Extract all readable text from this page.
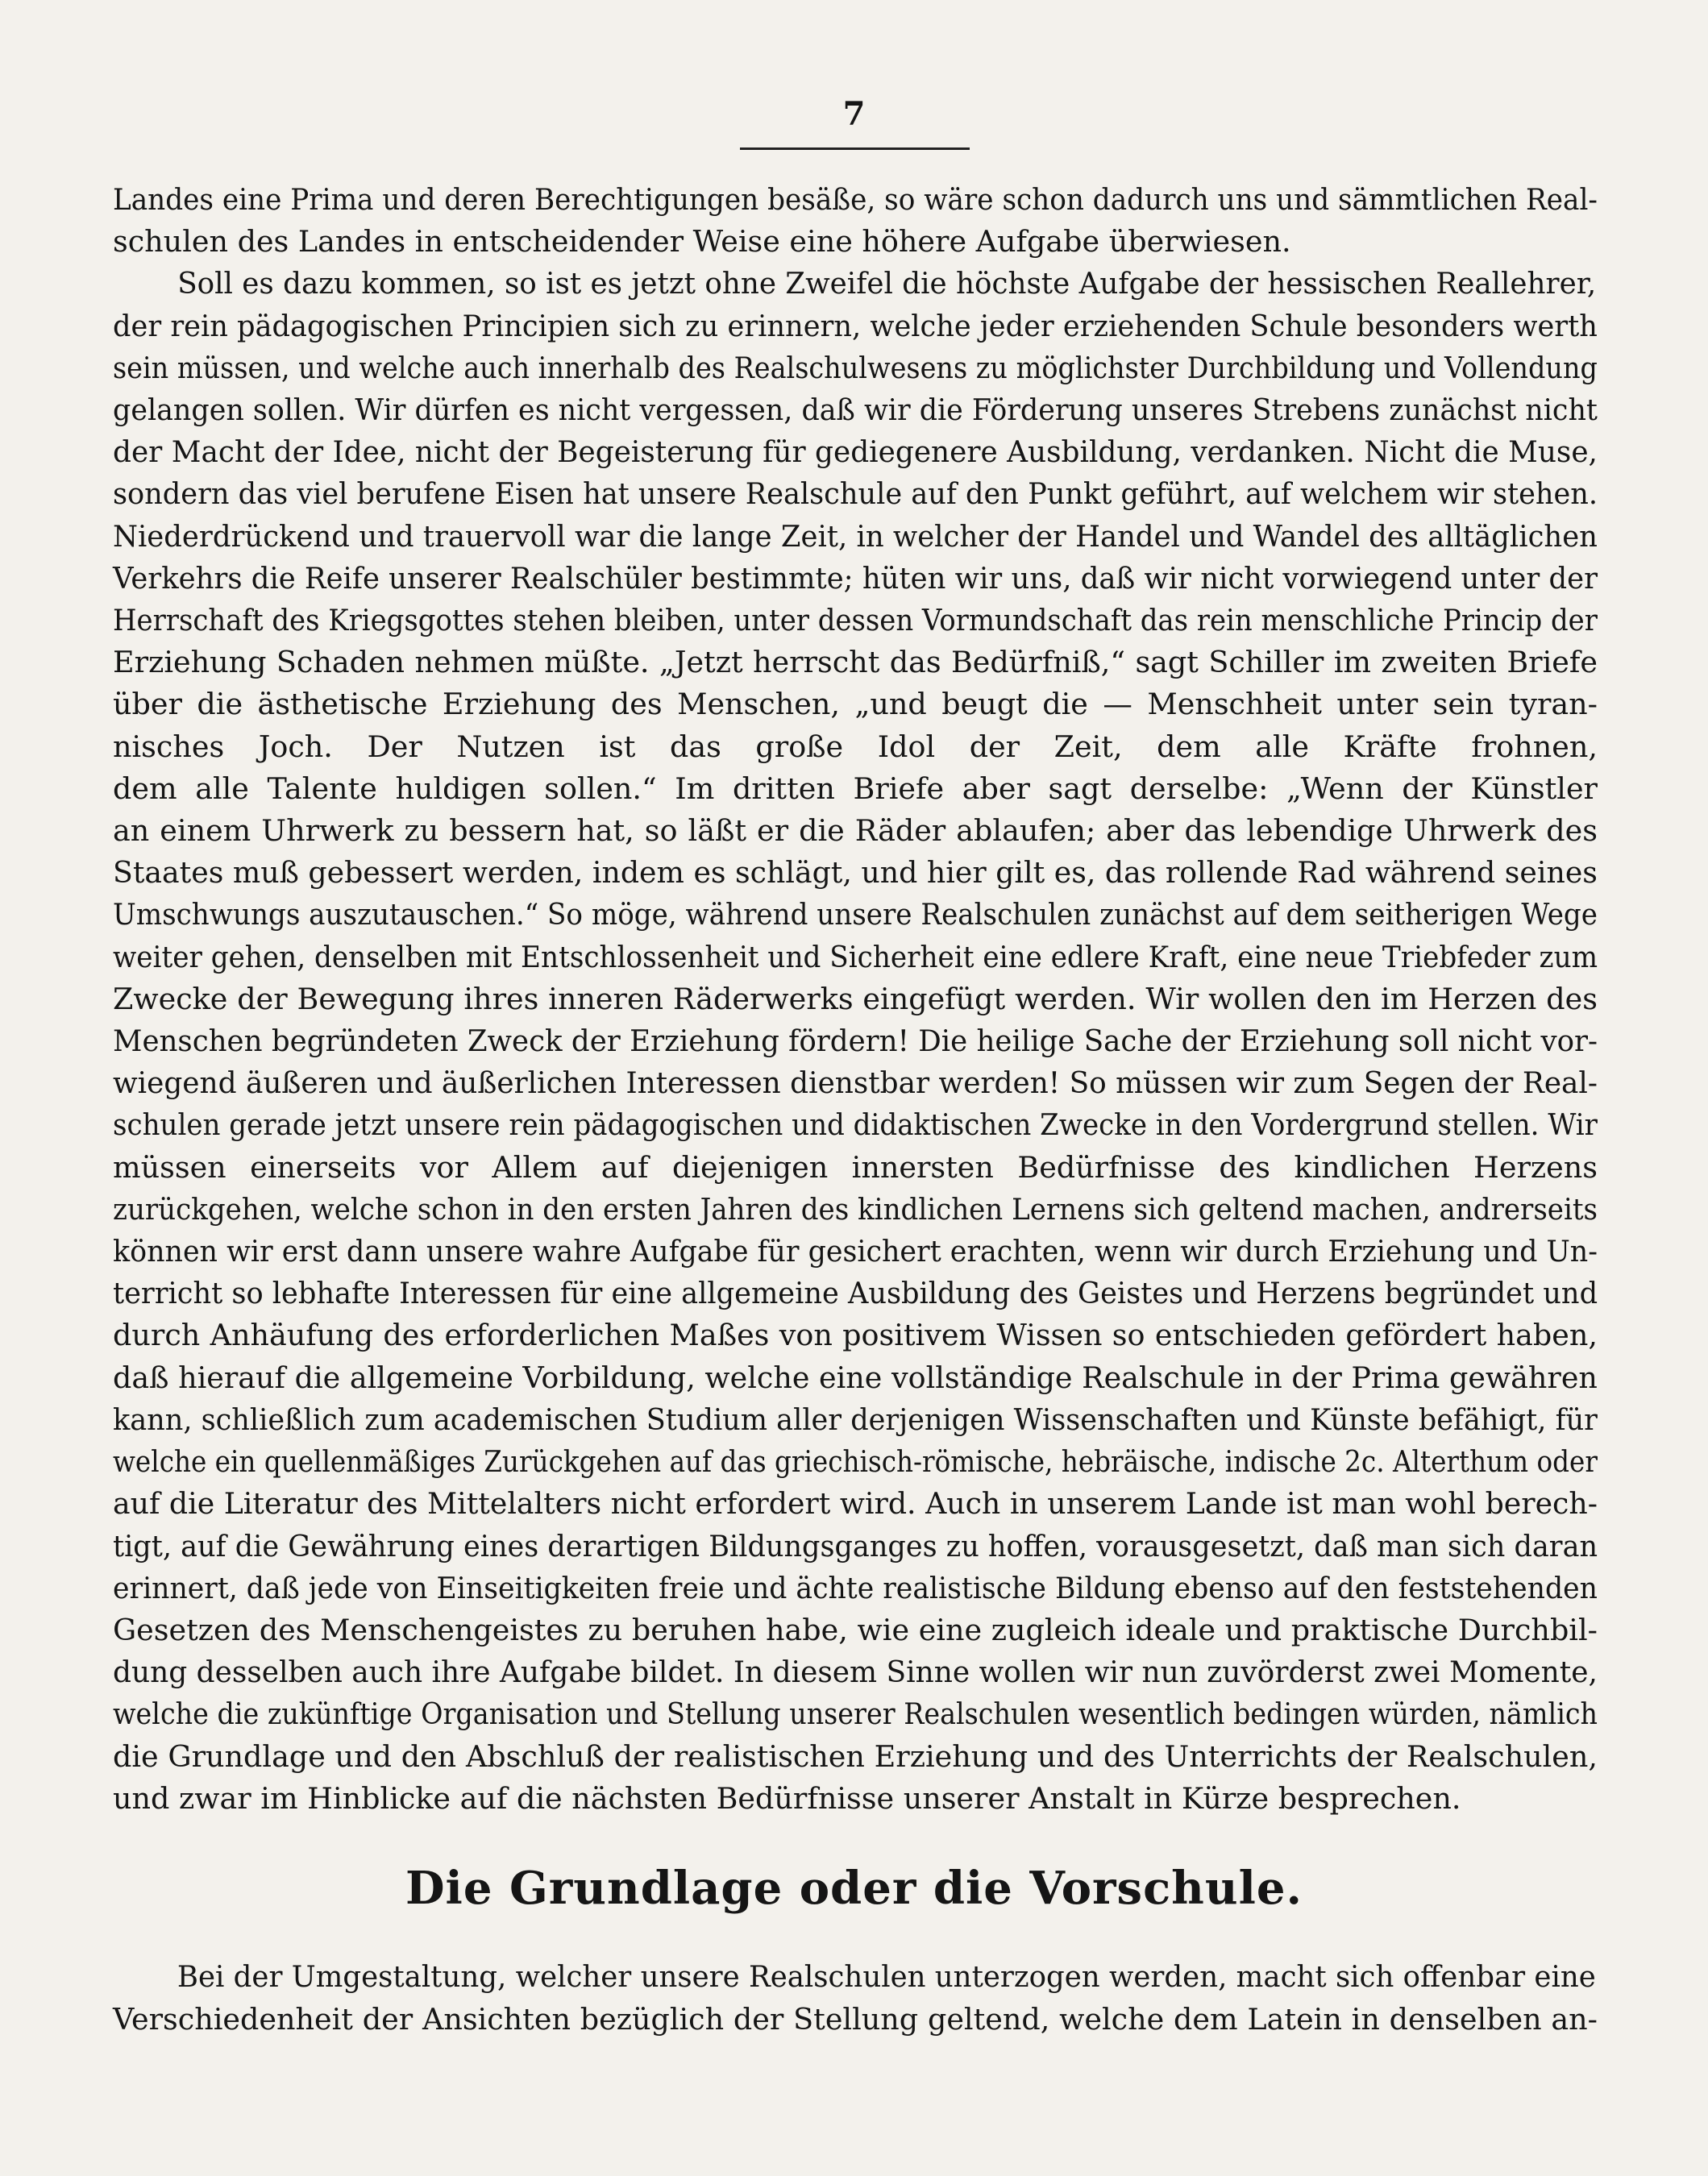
7
Landes eine Prima und deren Berechtigungen besäße, so wäre schon dadurch uns und sämmtlichen Real-
schulen des Landes in entscheidender Weise eine höhere Aufgabe überwiesen.
Soll es dazu kommen, so ist es jetzt ohne Zweifel die höchste Aufgabe der hessischen Reallehrer,
der rein pädagogischen Principien sich zu erinnern, welche jeder erziehenden Schule besonders werth
sein müssen, und welche auch innerhalb des Realschulwesens zu möglichster Durchbildung und Vollendung
gelangen sollen. Wir dürfen es nicht vergessen, daß wir die Förderung unseres Strebens zunächst nicht
der Macht der Idee, nicht der Begeisterung für gediegenere Ausbildung, verdanken. Nicht die Muse,
sondern das viel berufene Eisen hat unsere Realschule auf den Punkt geführt, auf welchem wir stehen.
Niederdrückend und trauervoll war die lange Zeit, in welcher der Handel und Wandel des alltäglichen
Verkehrs die Reife unserer Realschüler bestimmte; hüten wir uns, daß wir nicht vorwiegend unter der
Herrschaft des Kriegsgottes stehen bleiben, unter dessen Vormundschaft das rein menschliche Princip der
Erziehung Schaden nehmen müßte. „Jetzt herrscht das Bedürfniß,“ sagt Schiller im zweiten Briefe
über die ästhetische Erziehung des Menschen, „und beugt die — Menschheit unter sein tyran-
nisches Joch. Der Nutzen ist das große Idol der Zeit, dem alle Kräfte frohnen,
dem alle Talente huldigen sollen.“ Im dritten Briefe aber sagt derselbe: „Wenn der Künstler
an einem Uhrwerk zu bessern hat, so läßt er die Räder ablaufen; aber das lebendige Uhrwerk des
Staates muß gebessert werden, indem es schlägt, und hier gilt es, das rollende Rad während seines
Umschwungs auszutauschen.“ So möge, während unsere Realschulen zunächst auf dem seitherigen Wege
weiter gehen, denselben mit Entschlossenheit und Sicherheit eine edlere Kraft, eine neue Triebfeder zum
Zwecke der Bewegung ihres inneren Räderwerks eingefügt werden. Wir wollen den im Herzen des
Menschen begründeten Zweck der Erziehung fördern! Die heilige Sache der Erziehung soll nicht vor-
wiegend äußeren und äußerlichen Interessen dienstbar werden! So müssen wir zum Segen der Real-
schulen gerade jetzt unsere rein pädagogischen und didaktischen Zwecke in den Vordergrund stellen. Wir
müssen einerseits vor Allem auf diejenigen innersten Bedürfnisse des kindlichen Herzens
zurückgehen, welche schon in den ersten Jahren des kindlichen Lernens sich geltend machen, andrerseits
können wir erst dann unsere wahre Aufgabe für gesichert erachten, wenn wir durch Erziehung und Un-
terricht so lebhafte Interessen für eine allgemeine Ausbildung des Geistes und Herzens begründet und
durch Anhäufung des erforderlichen Maßes von positivem Wissen so entschieden gefördert haben,
daß hierauf die allgemeine Vorbildung, welche eine vollständige Realschule in der Prima gewähren
kann, schließlich zum academischen Studium aller derjenigen Wissenschaften und Künste befähigt, für
welche ein quellenmäßiges Zurückgehen auf das griechisch-römische, hebräische, indische 2c. Alterthum oder
auf die Literatur des Mittelalters nicht erfordert wird. Auch in unserem Lande ist man wohl berech-
tigt, auf die Gewährung eines derartigen Bildungsganges zu hoffen, vorausgesetzt, daß man sich daran
erinnert, daß jede von Einseitigkeiten freie und ächte realistische Bildung ebenso auf den feststehenden
Gesetzen des Menschengeistes zu beruhen habe, wie eine zugleich ideale und praktische Durchbil-
dung desselben auch ihre Aufgabe bildet. In diesem Sinne wollen wir nun zuvörderst zwei Momente,
welche die zukünftige Organisation und Stellung unserer Realschulen wesentlich bedingen würden, nämlich
die Grundlage und den Abschluß der realistischen Erziehung und des Unterrichts der Realschulen,
und zwar im Hinblicke auf die nächsten Bedürfnisse unserer Anstalt in Kürze besprechen.
Die Grundlage oder die Vorschule.
Bei der Umgestaltung, welcher unsere Realschulen unterzogen werden, macht sich offenbar eine
Verschiedenheit der Ansichten bezüglich der Stellung geltend, welche dem Latein in denselben an-
